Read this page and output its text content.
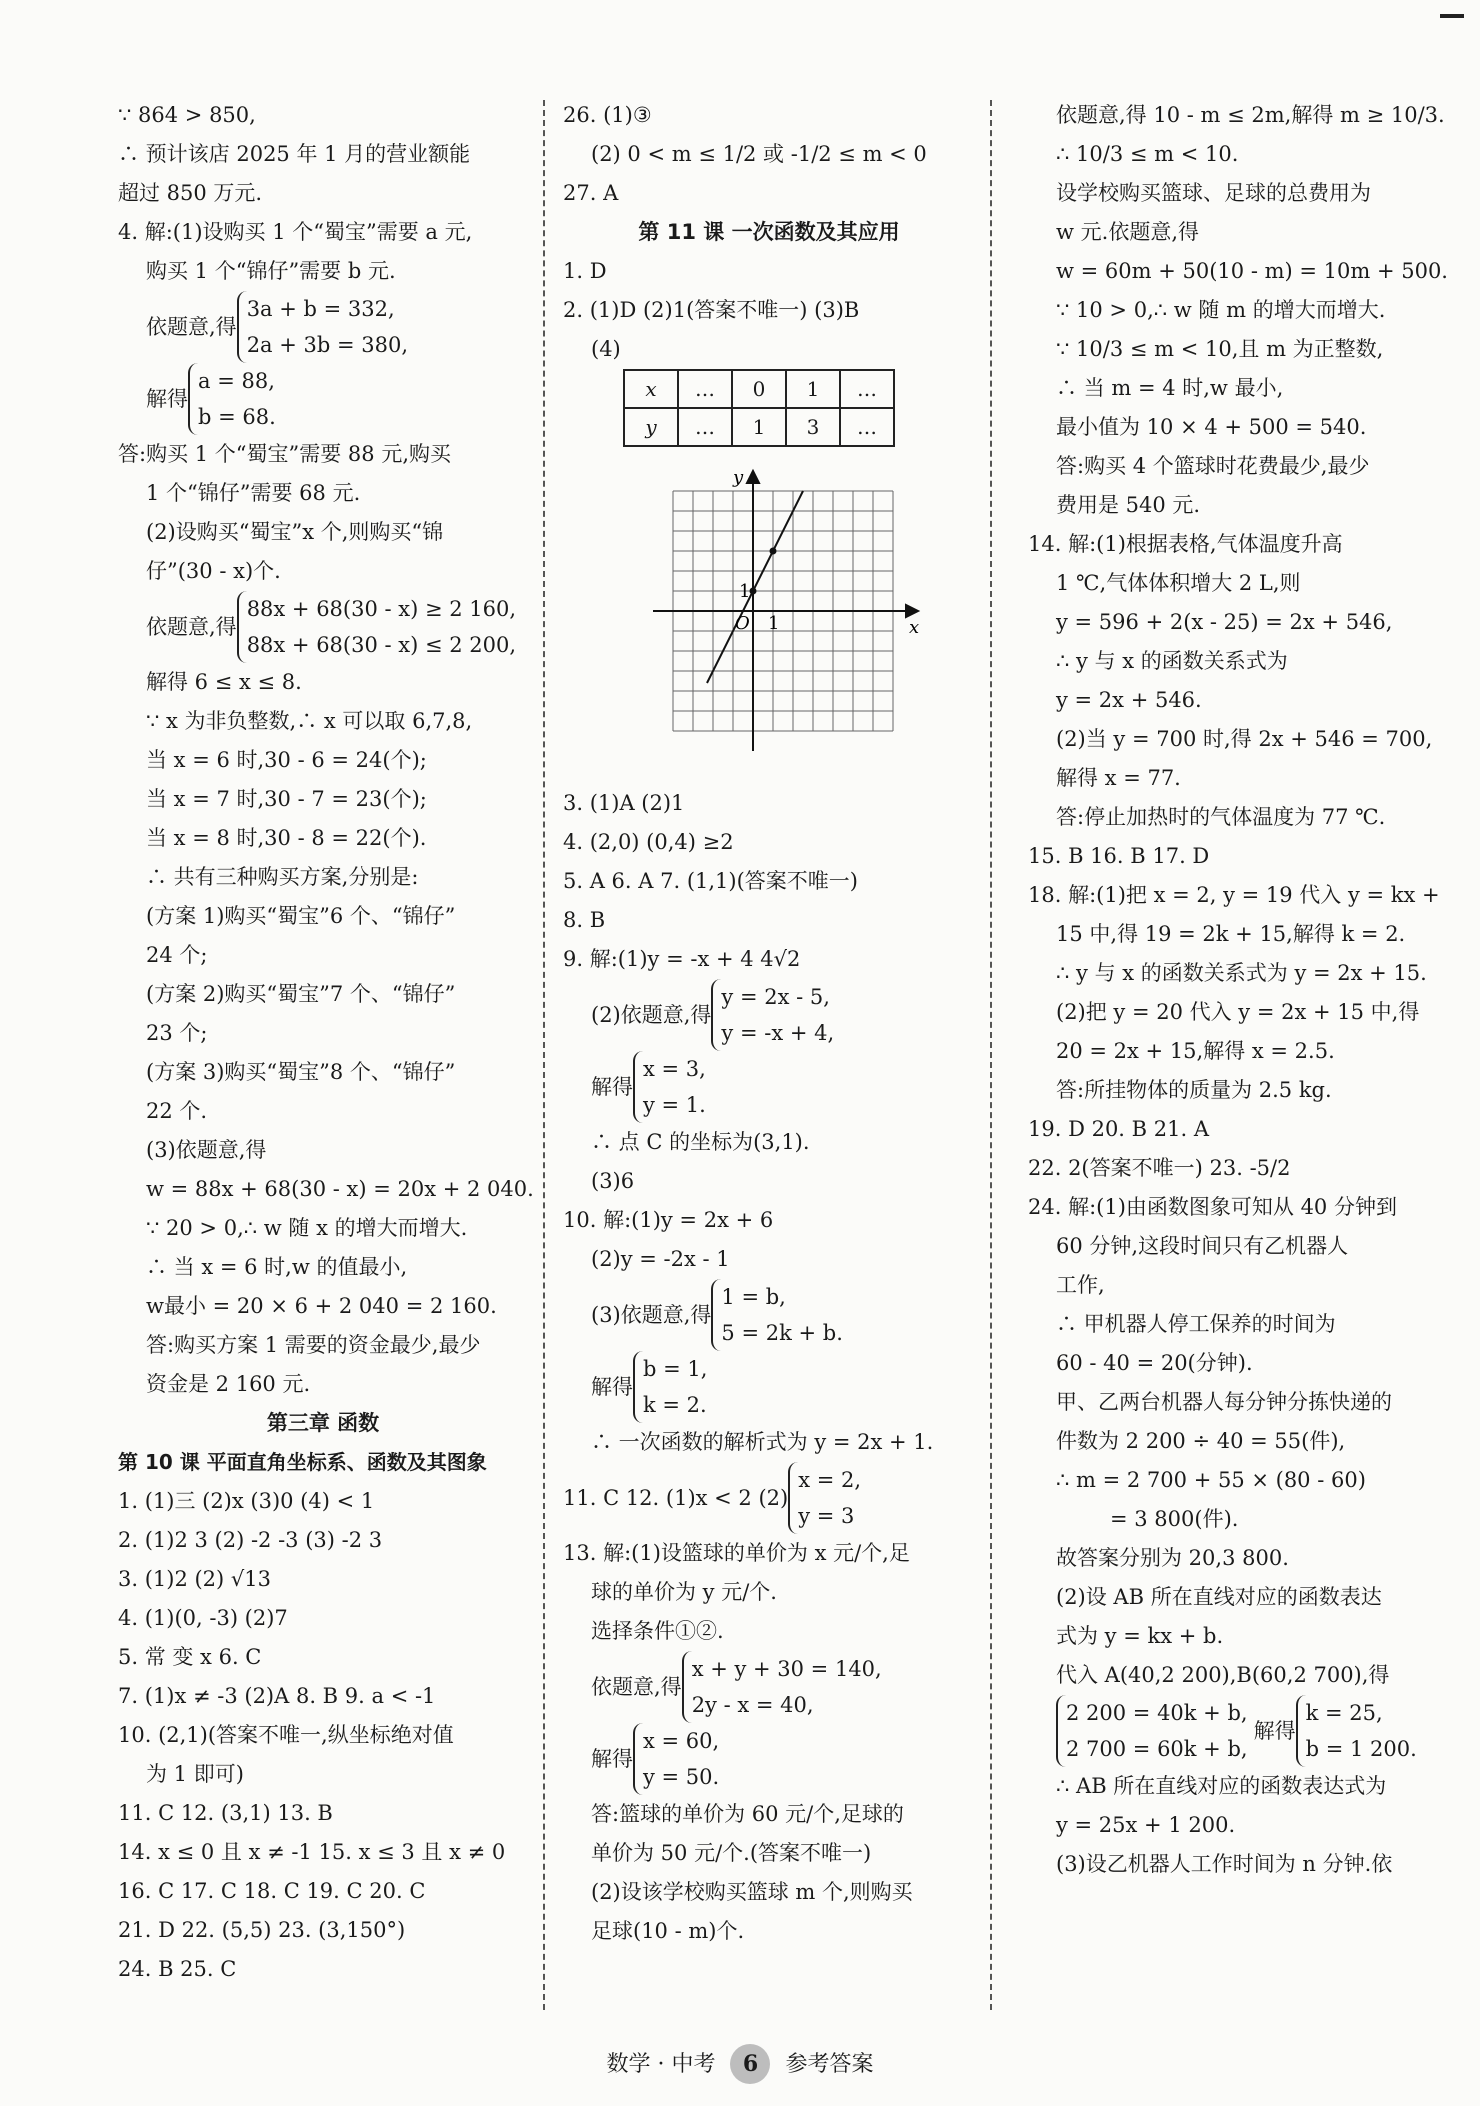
∵ 864 > 850,
∴ 预计该店 2025 年 1 月的营业额能
超过 850 万元.
4. 解:(1)设购买 1 个“蜀宝”需要 a 元,
购买 1 个“锦仔”需要 b 元.
依题意,得
3a + b = 332,
2a + 3b = 380,
解得
a = 88,
b = 68.
答:购买 1 个“蜀宝”需要 88 元,购买
1 个“锦仔”需要 68 元.
(2)设购买“蜀宝”x 个,则购买“锦
仔”(30 - x)个.
依题意,得
88x + 68(30 - x) ≥ 2 160,
88x + 68(30 - x) ≤ 2 200,
解得 6 ≤ x ≤ 8.
∵ x 为非负整数,∴ x 可以取 6,7,8,
当 x = 6 时,30 - 6 = 24(个);
当 x = 7 时,30 - 7 = 23(个);
当 x = 8 时,30 - 8 = 22(个).
∴ 共有三种购买方案,分别是:
(方案 1)购买“蜀宝”6 个、“锦仔”
24 个;
(方案 2)购买“蜀宝”7 个、“锦仔”
23 个;
(方案 3)购买“蜀宝”8 个、“锦仔”
22 个.
(3)依题意,得
w = 88x + 68(30 - x) = 20x + 2 040.
∵ 20 > 0,∴ w 随 x 的增大而增大.
∴ 当 x = 6 时,w 的值最小,
w最小 = 20 × 6 + 2 040 = 2 160.
答:购买方案 1 需要的资金最少,最少
资金是 2 160 元.
第三章 函数
第 10 课 平面直角坐标系、函数及其图象
1. (1)三 (2)x (3)0 (4) < 1
2. (1)2 3 (2) -2 -3 (3) -2 3
3. (1)2 (2) √13
4. (1)(0, -3) (2)7
5. 常 变 x 6. C
7. (1)x ≠ -3 (2)A 8. B 9. a < -1
10. (2,1)(答案不唯一,纵坐标绝对值
为 1 即可)
11. C 12. (3,1) 13. B
14. x ≤ 0 且 x ≠ -1 15. x ≤ 3 且 x ≠ 0
16. C 17. C 18. C 19. C 20. C
21. D 22. (5,5) 23. (3,150°)
24. B 25. C
26. (1)③
(2) 0 < m ≤ 1/2 或 -1/2 ≤ m < 0
27. A
第 11 课 一次函数及其应用
1. D
2. (1)D (2)1(答案不唯一) (3)B
(4)
x	…	0	1	…
y	…	1	3	…
x
y
O 1
1
3. (1)A (2)1
4. (2,0) (0,4) ≥2
5. A 6. A 7. (1,1)(答案不唯一)
8. B
9. 解:(1)y = -x + 4 4√2
(2)依题意,得
y = 2x - 5,
y = -x + 4,
解得
x = 3,
y = 1.
∴ 点 C 的坐标为(3,1).
(3)6
10. 解:(1)y = 2x + 6
(2)y = -2x - 1
(3)依题意,得
1 = b,
5 = 2k + b.
解得
b = 1,
k = 2.
∴ 一次函数的解析式为 y = 2x + 1.
11. C 12. (1)x < 2 (2)
x = 2,
y = 3
13. 解:(1)设篮球的单价为 x 元/个,足
球的单价为 y 元/个.
选择条件①②.
依题意,得
x + y + 30 = 140,
2y - x = 40,
解得
x = 60,
y = 50.
答:篮球的单价为 60 元/个,足球的
单价为 50 元/个.(答案不唯一)
(2)设该学校购买篮球 m 个,则购买
足球(10 - m)个.
依题意,得 10 - m ≤ 2m,解得 m ≥ 10/3.
∴ 10/3 ≤ m < 10.
设学校购买篮球、足球的总费用为
w 元.依题意,得
w = 60m + 50(10 - m) = 10m + 500.
∵ 10 > 0,∴ w 随 m 的增大而增大.
∵ 10/3 ≤ m < 10,且 m 为正整数,
∴ 当 m = 4 时,w 最小,
最小值为 10 × 4 + 500 = 540.
答:购买 4 个篮球时花费最少,最少
费用是 540 元.
14. 解:(1)根据表格,气体温度升高
1 ℃,气体体积增大 2 L,则
y = 596 + 2(x - 25) = 2x + 546,
∴ y 与 x 的函数关系式为
y = 2x + 546.
(2)当 y = 700 时,得 2x + 546 = 700,
解得 x = 77.
答:停止加热时的气体温度为 77 ℃.
15. B 16. B 17. D
18. 解:(1)把 x = 2, y = 19 代入 y = kx +
15 中,得 19 = 2k + 15,解得 k = 2.
∴ y 与 x 的函数关系式为 y = 2x + 15.
(2)把 y = 20 代入 y = 2x + 15 中,得
20 = 2x + 15,解得 x = 2.5.
答:所挂物体的质量为 2.5 kg.
19. D 20. B 21. A
22. 2(答案不唯一) 23. -5/2
24. 解:(1)由函数图象可知从 40 分钟到
60 分钟,这段时间只有乙机器人
工作,
∴ 甲机器人停工保养的时间为
60 - 40 = 20(分钟).
甲、乙两台机器人每分钟分拣快递的
件数为 2 200 ÷ 40 = 55(件),
∴ m = 2 700 + 55 × (80 - 60)
= 3 800(件).
故答案分别为 20,3 800.
(2)设 AB 所在直线对应的函数表达
式为 y = kx + b.
代入 A(40,2 200),B(60,2 700),得
2 200 = 40k + b,
2 700 = 60k + b,
解得
k = 25,
b = 1 200.
∴ AB 所在直线对应的函数表达式为
y = 25x + 1 200.
(3)设乙机器人工作时间为 n 分钟.依
数学 · 中考 6 参考答案
